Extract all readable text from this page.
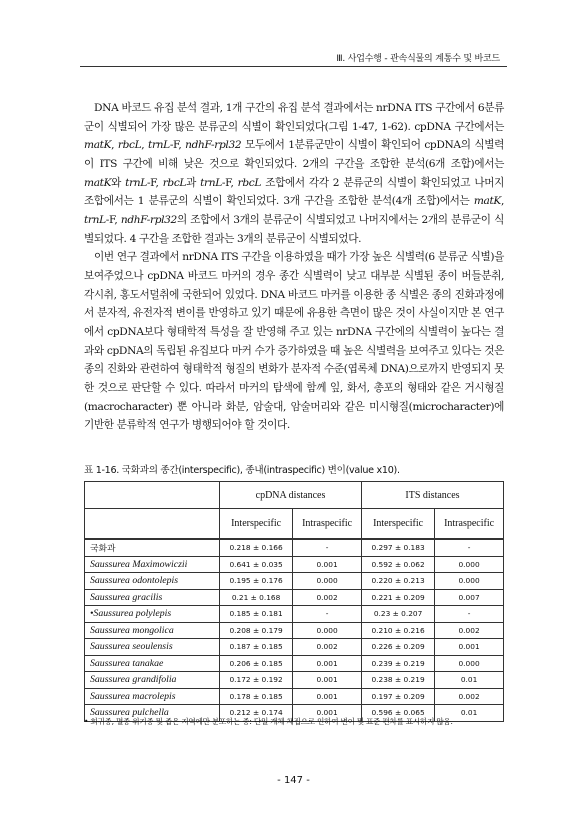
Ⅲ. 사업수행 - 관속식물의 계통수 및 바코드

DNA 바코드 유집 분석 결과, 1개 구간의 유집 분석 결과에서는 nrDNA ITS 구간에서 6분류군이 식별되어 가장 많은 분류군의 식별이 확인되었다(그림 1-47, 1-62). cpDNA 구간에서는 matK, rbcL, trnL-F, ndhF-rpl32 모두에서 1분류군만이 식별이 확인되어 cpDNA의 식별력이 ITS 구간에 비해 낮은 것으로 확인되었다. 2개의 구간을 조합한 분석(6개 조합)에서는 matK와 trnL-F, rbcL과 trnL-F, rbcL 조합에서 각각 2 분류군의 식별이 확인되었고 나머지 조합에서는 1 분류군의 식별이 확인되었다. 3개 구간을 조합한 분석(4개 조합)에서는 matK, trnL-F, ndhF-rpl32의 조합에서 3개의 분류군이 식별되었고 나머지에서는 2개의 분류군이 식별되었다. 4 구간을 조합한 결과는 3개의 분류군이 식별되었다.

이번 연구 결과에서 nrDNA ITS 구간을 이용하였을 때가 가장 높은 식별력(6 분류군 식별)을 보여주었으나 cpDNA 바코드 마커의 경우 종간 식별력이 낮고 대부분 식별된 종이 버들분취, 각시취, 홍도서덜취에 국한되어 있었다. DNA 바코드 마커를 이용한 종 식별은 종의 진화과정에서 분자적, 유전자적 변이를 반영하고 있기 때문에 유용한 측면이 많은 것이 사실이지만 본 연구에서 cpDNA보다 형태학적 특성을 잘 반영해 주고 있는 nrDNA 구간에의 식별력이 높다는 결과와 cpDNA의 독립된 유집보다 마커 수가 증가하였을 때 높은 식별력을 보여주고 있다는 것은 종의 진화와 관련하여 형태학적 형질의 변화가 분자적 수준(엽록체 DNA)으로까지 반영되지 못한 것으로 판단할 수 있다. 따라서 마커의 탐색에 함께 잎, 화서, 총포의 형태와 같은 거시형질(macrocharacter) 뿐 아니라 화분, 암술대, 암술머리와 같은 미시형질(microcharacter)에 기반한 분류학적 연구가 병행되어야 할 것이다.

표 1-16. 국화과의 종간(interspecific), 종내(intraspecific) 변이(value x10).
	cpDNA distances		ITS distances	
	Interspecific	Intraspecific	Interspecific	Intraspecific
국화과	0.218 ± 0.166	-	0.297 ± 0.183	-
Saussurea Maximowiczii	0.641 ± 0.035	0.001	0.592 ± 0.062	0.000
Saussurea odontolepis	0.195 ± 0.176	0.000	0.220 ± 0.213	0.000
Saussurea gracilis	0.21 ± 0.168	0.002	0.221 ± 0.209	0.007
•Saussurea polylepis	0.185 ± 0.181	-	0.23 ± 0.207	-
Saussurea mongolica	0.208 ± 0.179	0.000	0.210 ± 0.216	0.002
Saussurea seoulensis	0.187 ± 0.185	0.002	0.226 ± 0.209	0.001
Saussurea tanakae	0.206 ± 0.185	0.001	0.239 ± 0.219	0.000
Saussurea grandifolia	0.172 ± 0.192	0.001	0.238 ± 0.219	0.01
Saussurea macrolepis	0.178 ± 0.185	0.001	0.197 ± 0.209	0.002
Saussurea pulchella	0.212 ± 0.174	0.001	0.596 ± 0.065	0.01
• 희귀종, 멸종 위기종 및 좁은 지역에만 분포하는 종: 단일 개체 채집으로 인하여 변이 및 표준 편차를 표시하지 않음.
- 147 -
